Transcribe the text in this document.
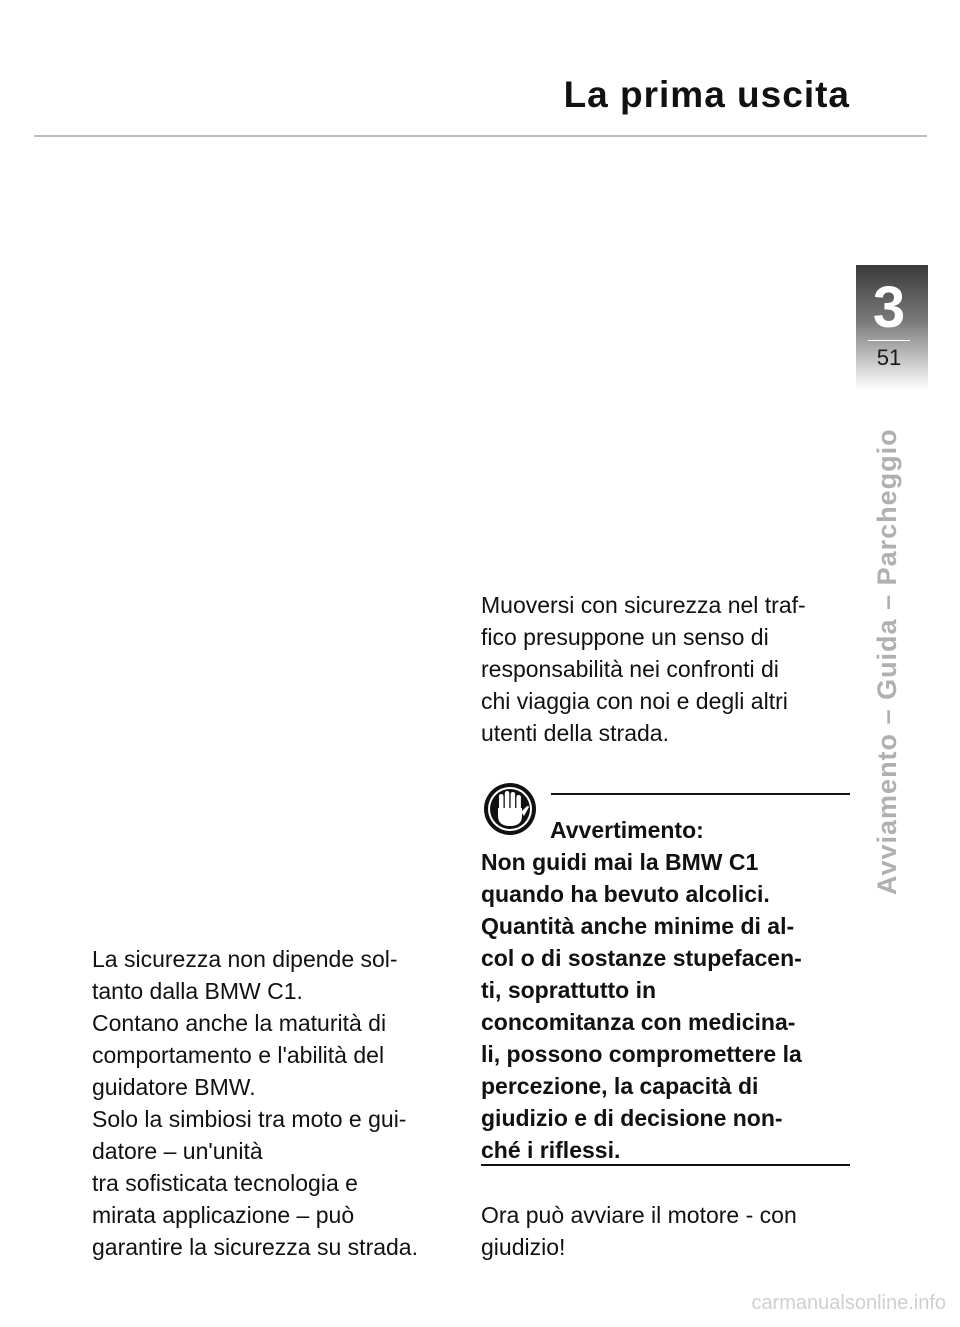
La prima uscita
3
51
Avviamento – Guida – Parcheggio

La sicurezza non dipende sol-
tanto dalla BMW C1.
Contano anche la maturità di
comportamento e l'abilità del
guidatore BMW.
Solo la simbiosi tra moto e gui-
datore – un'unità
tra sofisticata tecnologia e
mirata applicazione – può
garantire la sicurezza su strada.

Muoversi con sicurezza nel traf-
fico presuppone un senso di
responsabilità nei confronti di
chi viaggia con noi e degli altri
utenti della strada.

Avvertimento:

Non guidi mai la BMW C1
quando ha bevuto alcolici.
Quantità anche minime di al-
col o di sostanze stupefacen-
ti, soprattutto in
concomitanza con medicina-
li, possono compromettere la
percezione, la capacità di
giudizio e di decisione non-
ché i riflessi.

Ora può avviare il motore - con
giudizio!

carmanualsonline.info
